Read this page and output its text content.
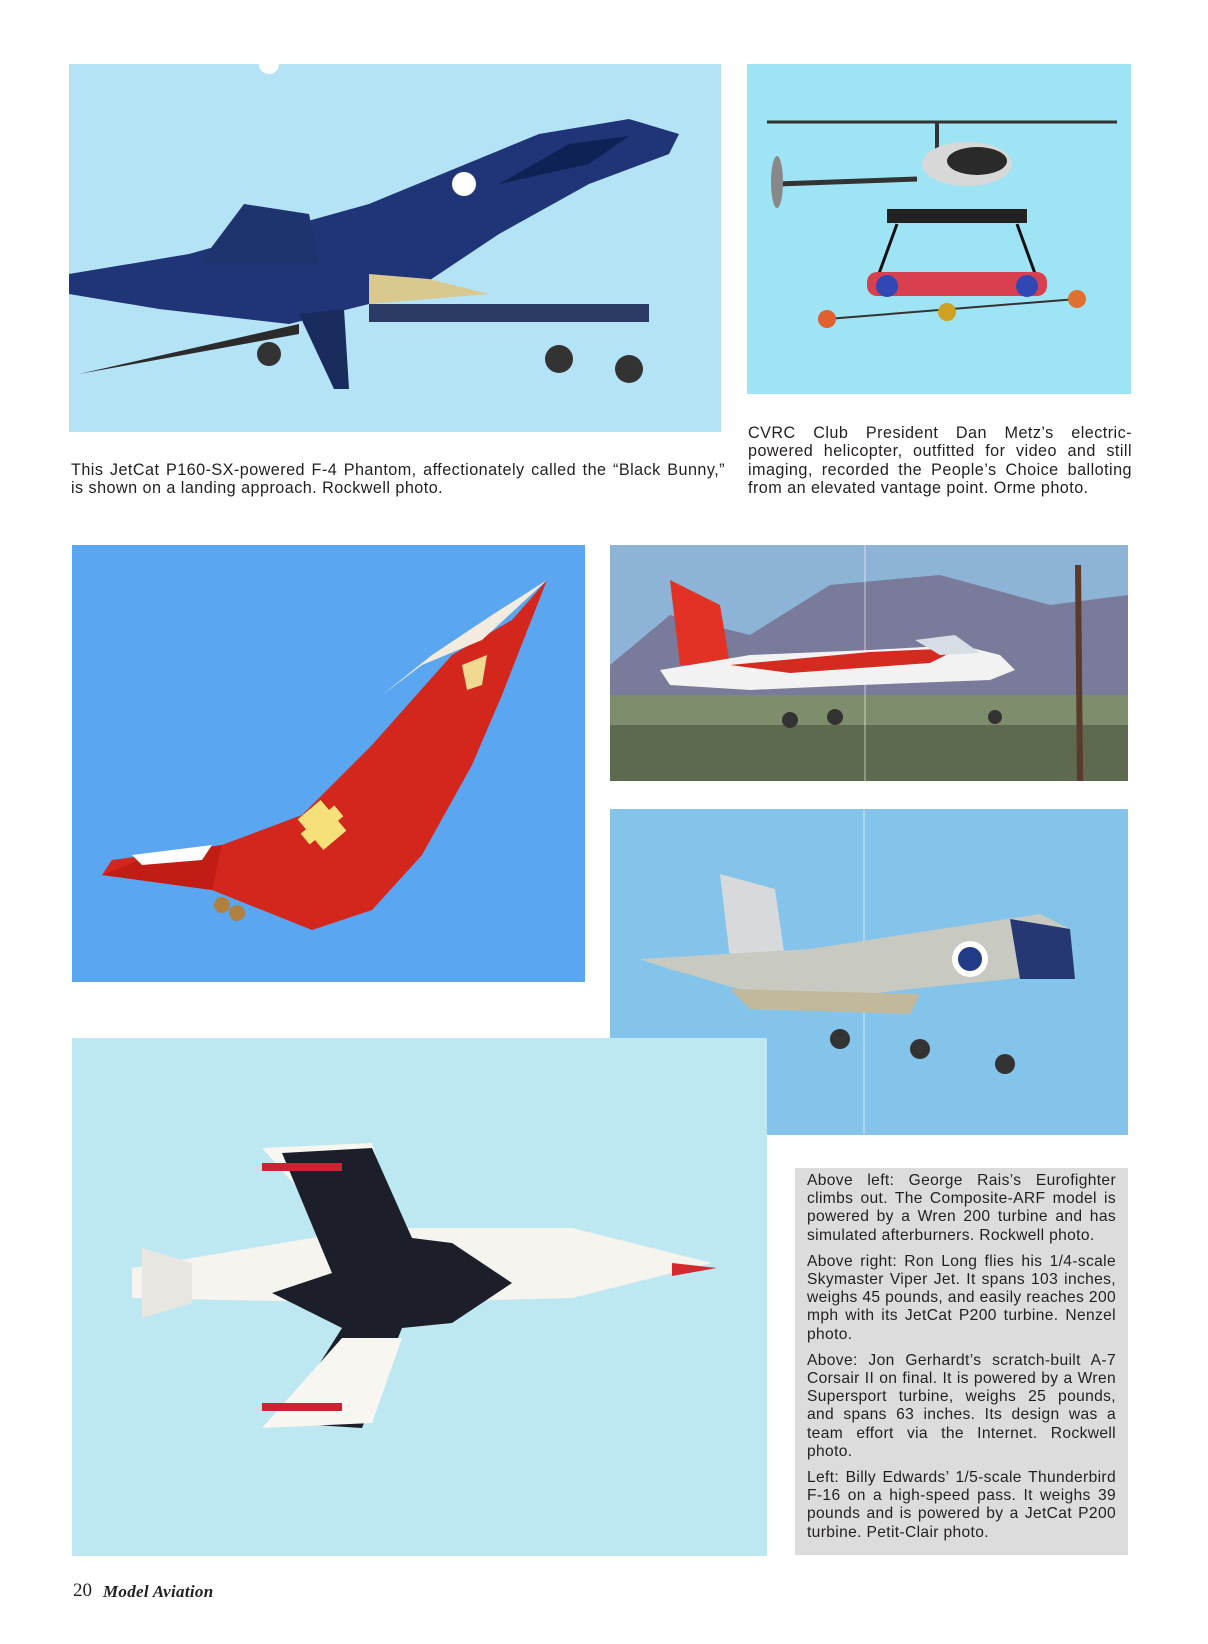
This JetCat P160-SX-powered F-4 Phantom, affectionately called the “Black Bunny,” is shown on a landing approach. Rockwell photo.

CVRC Club President Dan Metz’s electric-powered helicopter, outfitted for video and still imaging, recorded the People’s Choice balloting from an elevated vantage point. Orme photo.

Above left: George Rais’s Eurofighter climbs out. The Composite-ARF model is powered by a Wren 200 turbine and has simulated afterburners. Rockwell photo.

Above right: Ron Long flies his 1/4-scale Skymaster Viper Jet. It spans 103 inches, weighs 45 pounds, and easily reaches 200 mph with its JetCat P200 turbine. Nenzel photo.

Above: Jon Gerhardt’s scratch-built A-7 Corsair II on final. It is powered by a Wren Supersport turbine, weighs 25 pounds, and spans 63 inches. Its design was a team effort via the Internet. Rockwell photo.

Left: Billy Edwards’ 1/5-scale Thunderbird F-16 on a high-speed pass. It weighs 39 pounds and is powered by a JetCat P200 turbine. Petit-Clair photo.

20 Model Aviation
